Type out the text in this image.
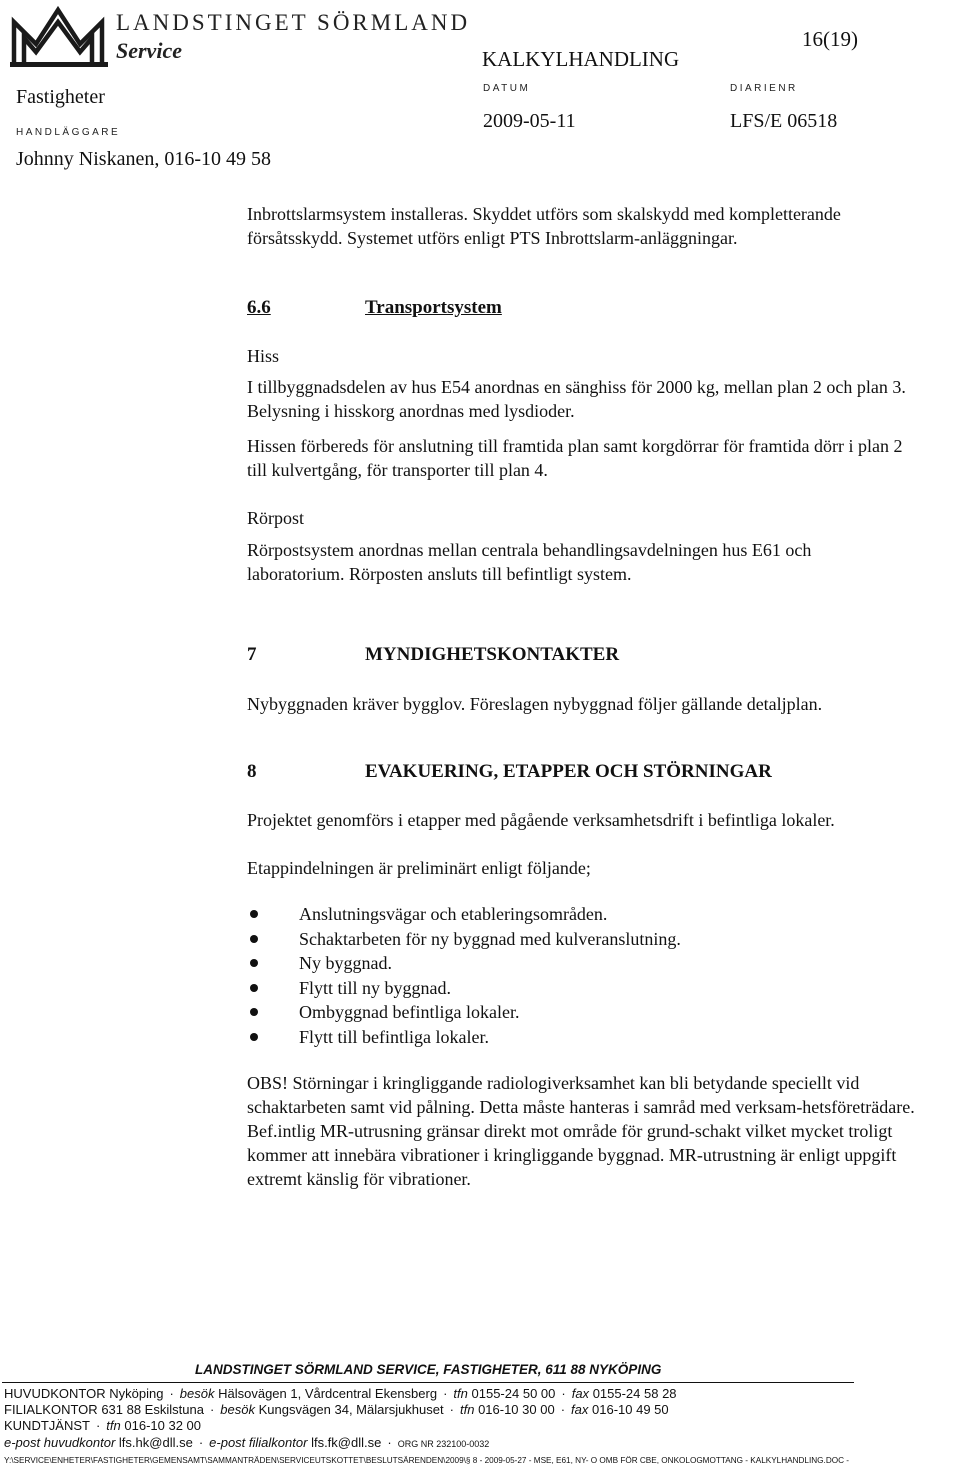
LANDSTINGET SÖRMLAND
Service	16(19)
KALKYLHANDLING
DATUM	DIARIENR
2009-05-11	LFS/E 06518
Fastigheter
HANDLÄGGARE
Johnny Niskanen, 016-10 49 58

Inbrottslarmsystem installeras. Skyddet utförs som skalskydd med kompletterande försåtsskydd. Systemet utförs enligt PTS Inbrottslarm-anläggningar.

6.6	Transportsystem
Hiss

I tillbyggnadsdelen av hus E54 anordnas en sänghiss för 2000 kg, mellan plan 2 och plan 3. Belysning i hisskorg anordnas med lysdioder.

Hissen förbereds för anslutning till framtida plan samt korgdörrar för framtida dörr i plan 2 till kulvertgång, för transporter till plan 4.

Rörpost

Rörpostsystem anordnas mellan centrala behandlingsavdelningen hus E61 och laboratorium. Rörposten ansluts till befintligt system.

7	MYNDIGHETSKONTAKTER

Nybyggnaden kräver bygglov. Föreslagen nybyggnad följer gällande detaljplan.

8	EVAKUERING, ETAPPER OCH STÖRNINGAR

Projektet genomförs i etapper med pågående verksamhetsdrift i befintliga lokaler.

Etappindelningen är preliminärt enligt följande;

Anslutningsvägar och etableringsområden.
Schaktarbeten för ny byggnad med kulveranslutning.
Ny byggnad.
Flytt till ny byggnad.
Ombyggnad befintliga lokaler.
Flytt till befintliga lokaler.

OBS! Störningar i kringliggande radiologiverksamhet kan bli betydande speciellt vid schaktarbeten samt vid pålning. Detta måste hanteras i samråd med verksam-hetsföreträdare. Bef.intlig MR-utrusning gränsar direkt mot område för grund-schakt vilket mycket troligt kommer att innebära vibrationer i kringliggande byggnad. MR-utrustning är enligt uppgift extremt känslig för vibrationer.

LANDSTINGET SÖRMLAND SERVICE, FASTIGHETER, 611 88 NYKÖPING
HUVUDKONTOR Nyköping · besök Hälsovägen 1, Vårdcentral Ekensberg · tfn 0155-24 50 00 · fax 0155-24 58 28
FILIALKONTOR 631 88 Eskilstuna · besök Kungsvägen 34, Mälarsjukhuset · tfn 016-10 30 00 · fax 016-10 49 50
KUNDTJÄNST · tfn 016-10 32 00
e-post huvudkontor lfs.hk@dll.se · e-post filialkontor lfs.fk@dll.se · ORG NR 232100-0032
Y:\SERVICE\ENHETER\FASTIGHETER\GEMENSAMT\SAMMANTRÄDEN\SERVICEUTSKOTTET\BESLUTSÄRENDEN\2009\§ 8 - 2009-05-27 - MSE, E61, NY- O OMB FÖR CBE, ONKOLOGMOTTANG - KALKYLHANDLING.DOC -
